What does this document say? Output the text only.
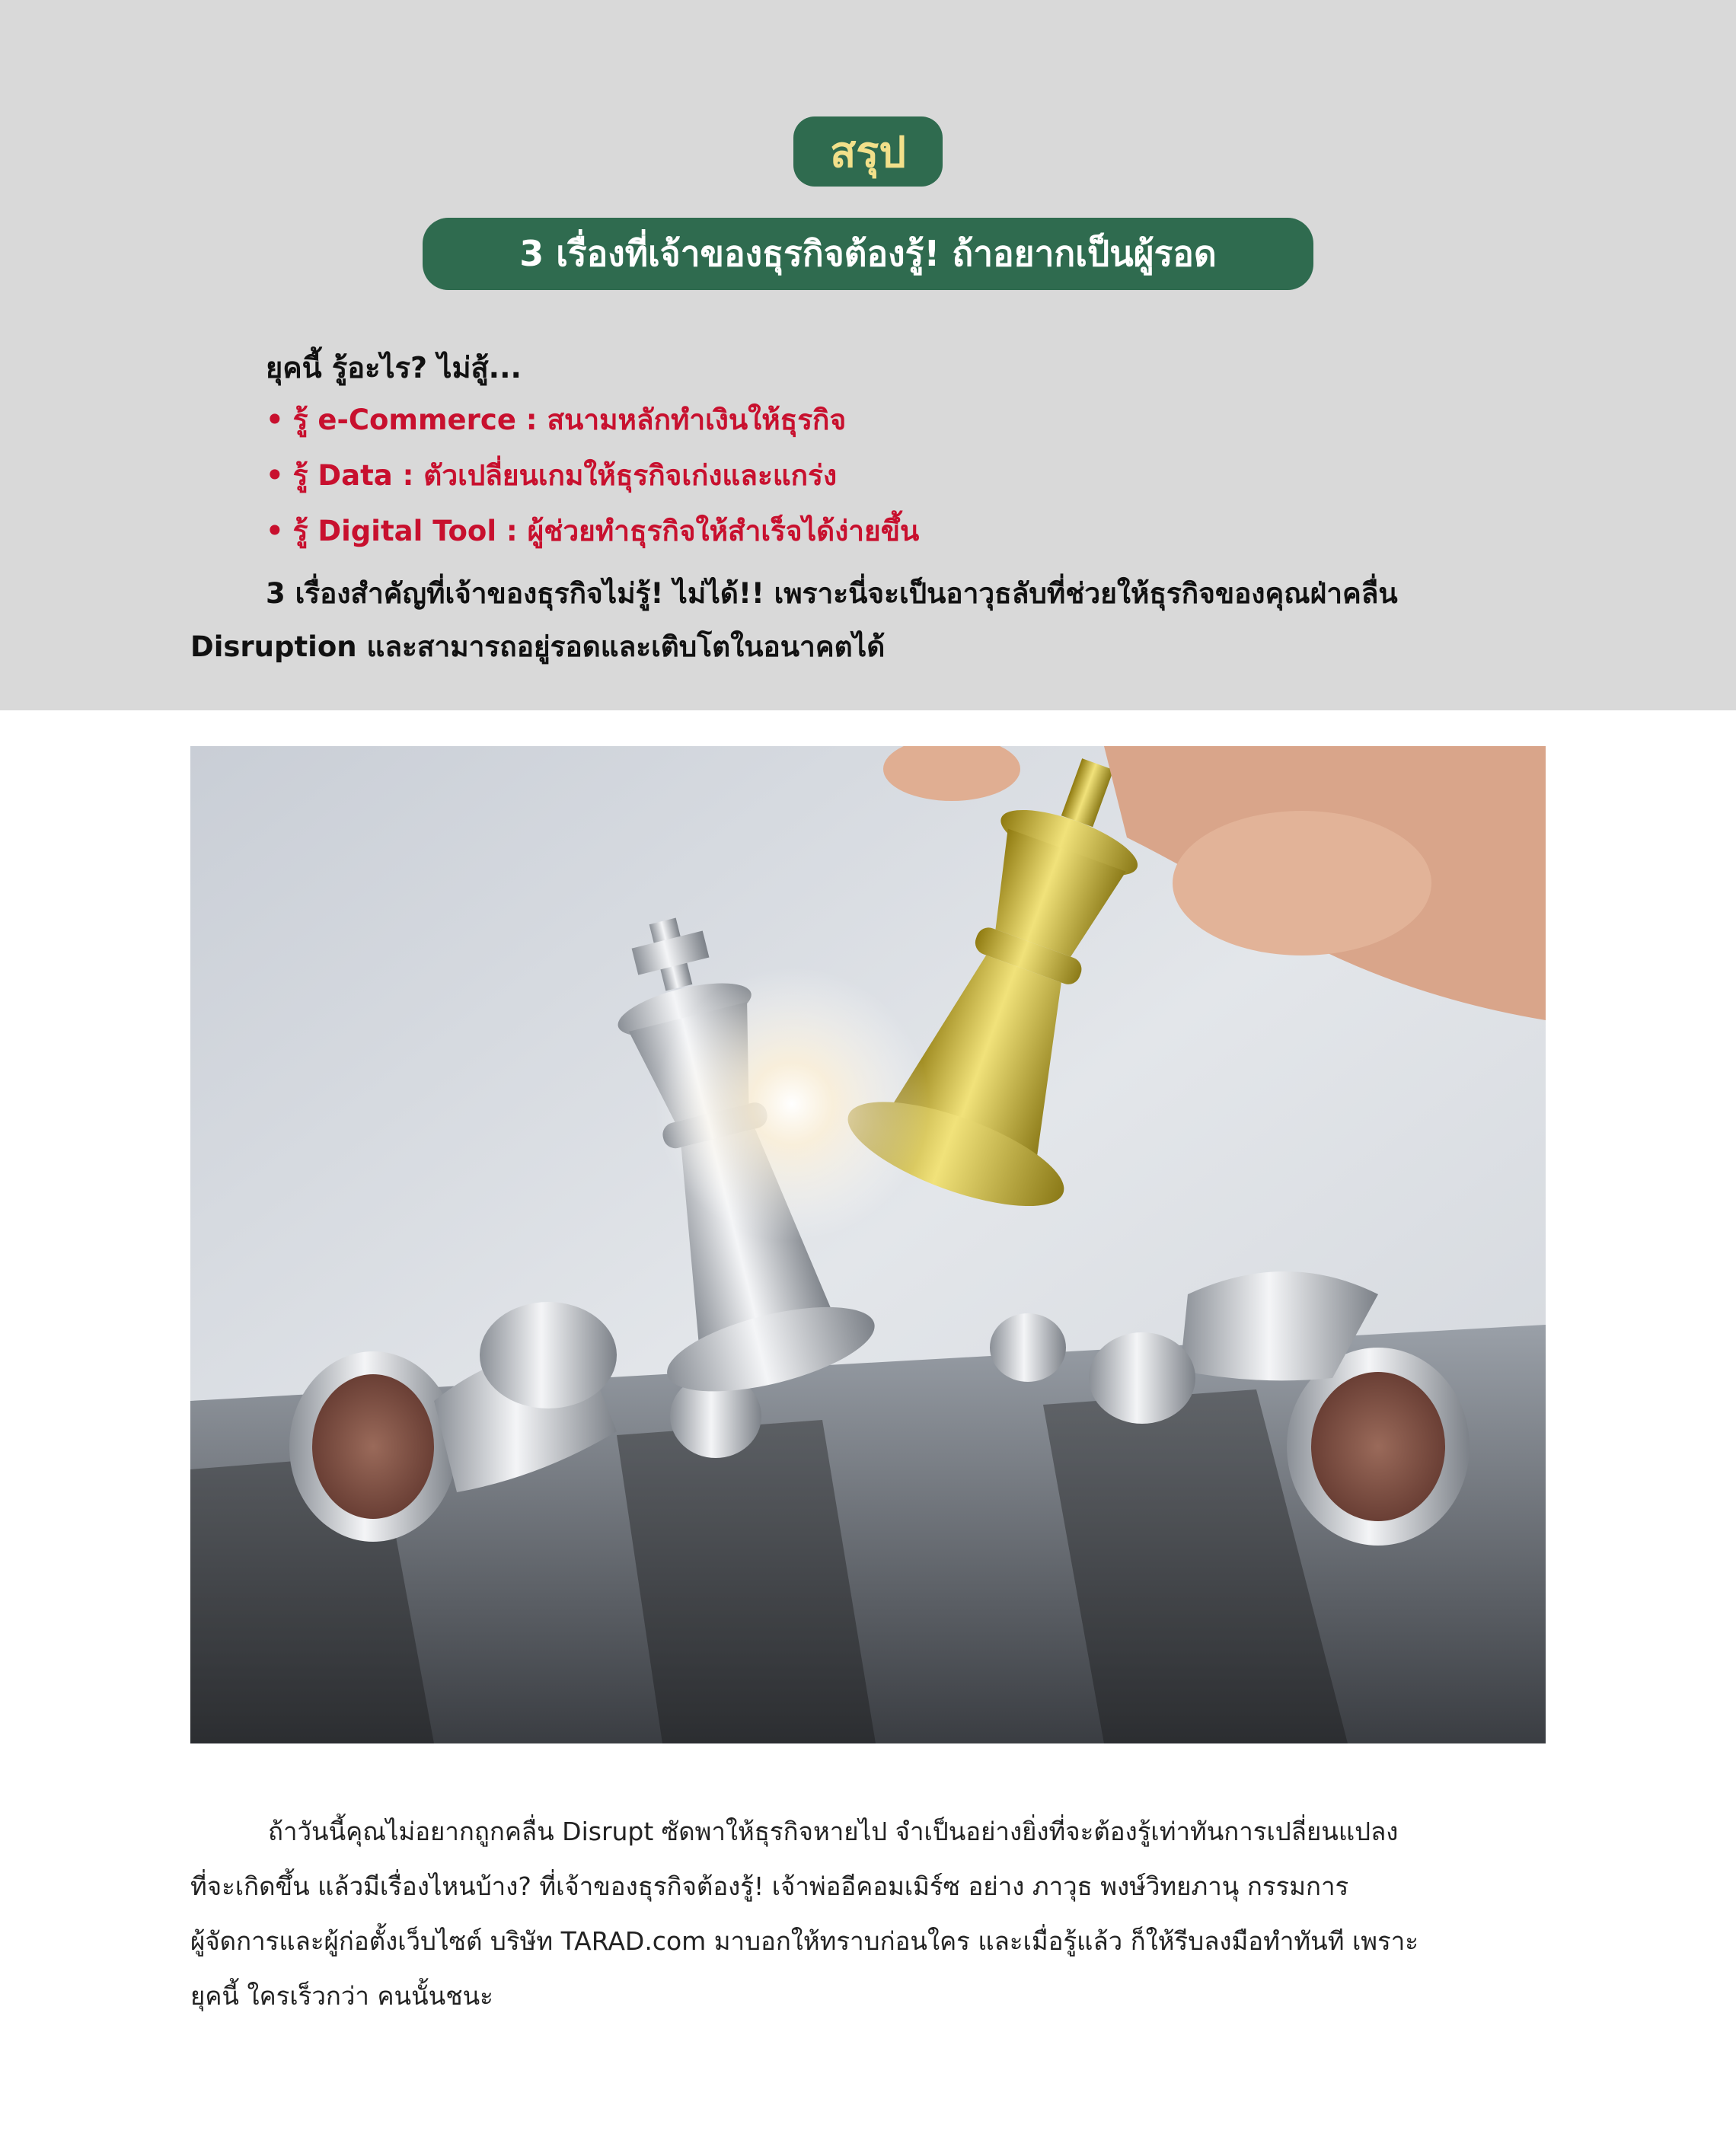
สรุป
3 เรื่องที่เจ้าของธุรกิจต้องรู้! ถ้าอยากเป็นผู้รอด
ยุคนี้ รู้อะไร? ไม่สู้...
• รู้ e-Commerce : สนามหลักทำเงินให้ธุรกิจ
• รู้ Data : ตัวเปลี่ยนเกมให้ธุรกิจเก่งและแกร่ง
• รู้ Digital Tool : ผู้ช่วยทำธุรกิจให้สำเร็จได้ง่ายขึ้น
3 เรื่องสำคัญที่เจ้าของธุรกิจไม่รู้! ไม่ได้!! เพราะนี่จะเป็นอาวุธลับที่ช่วยให้ธุรกิจของคุณฝ่าคลื่น
Disruption และสามารถอยู่รอดและเติบโตในอนาคตได้
ถ้าวันนี้คุณไม่อยากถูกคลื่น Disrupt ซัดพาให้ธุรกิจหายไป จำเป็นอย่างยิ่งที่จะต้องรู้เท่าทันการเปลี่ยนแปลง
ที่จะเกิดขึ้น แล้วมีเรื่องไหนบ้าง? ที่เจ้าของธุรกิจต้องรู้! เจ้าพ่ออีคอมเมิร์ซ อย่าง ภาวุธ พงษ์วิทยภานุ กรรมการ
ผู้จัดการและผู้ก่อตั้งเว็บไซต์ บริษัท TARAD.com มาบอกให้ทราบก่อนใคร และเมื่อรู้แล้ว ก็ให้รีบลงมือทำทันที เพราะ
ยุคนี้ ใครเร็วกว่า คนนั้นชนะ
